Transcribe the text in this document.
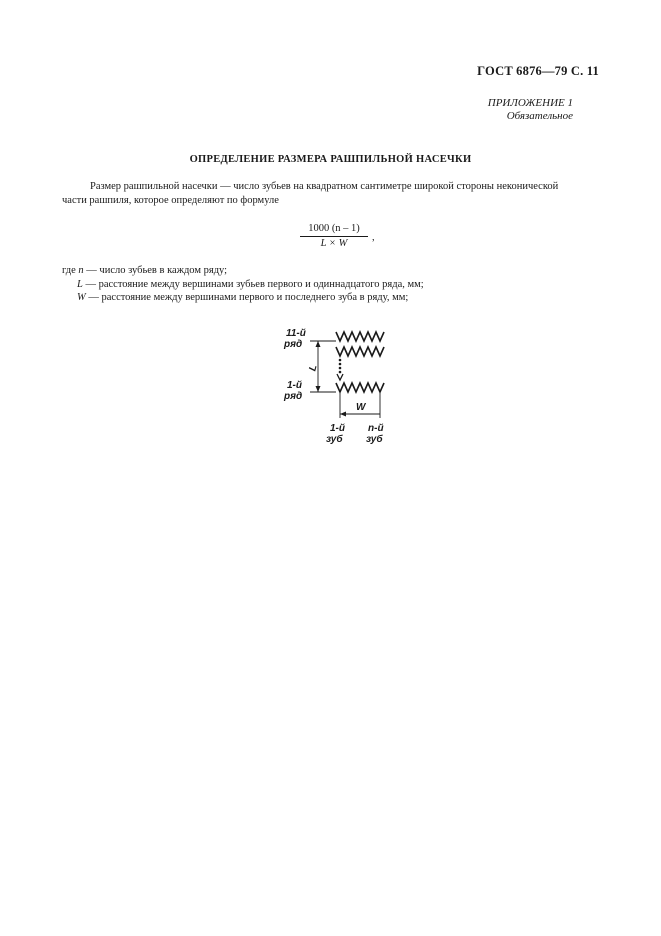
ГОСТ 6876—79 С. 11
ПРИЛОЖЕНИЕ 1
Обязательное
ОПРЕДЕЛЕНИЕ РАЗМЕРА РАШПИЛЬНОЙ НАСЕЧКИ
Размер рашпильной насечки — число зубьев на квадратном сантиметре широкой стороны неконической
части рашпиля, которое определяют по формуле
1000 (n – 1)
L × W
,
где n — число зубьев в каждом ряду;
L — расстояние между вершинами зубьев первого и одиннадцатого ряда, мм;
W — расстояние между вершинами первого и последнего зуба в ряду, мм;
11-й
ряд
1-й
ряд
L
W
1-й
зуб
n-й
зуб
